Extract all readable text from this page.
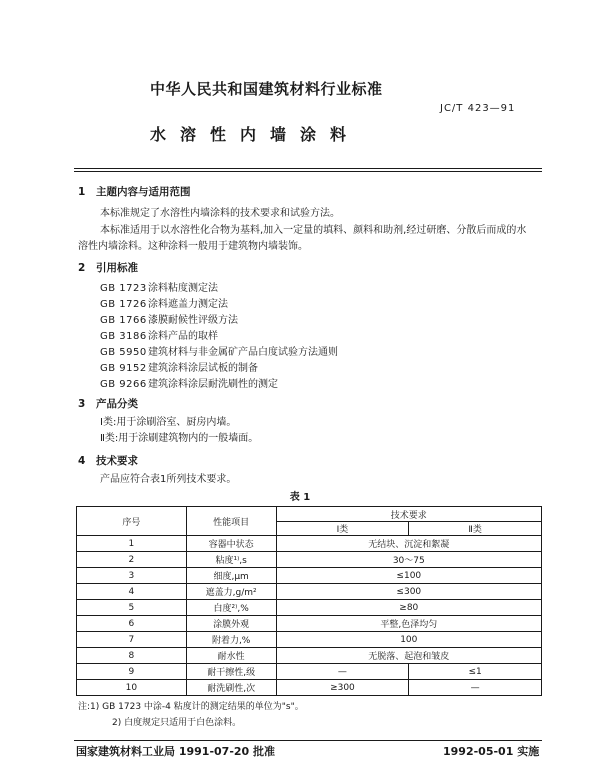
中华人民共和国建筑材料行业标准
JC/T 423—91
水溶性内墙涂料
1 主题内容与适用范围
本标准规定了水溶性内墙涂料的技术要求和试验方法。
本标准适用于以水溶性化合物为基料,加入一定量的填料、颜料和助剂,经过研磨、分散后而成的水
溶性内墙涂料。这种涂料一般用于建筑物内墙装饰。
2 引用标准
GB 1723涂料粘度测定法
GB 1726涂料遮盖力测定法
GB 1766漆膜耐候性评级方法
GB 3186涂料产品的取样
GB 5950建筑材料与非金属矿产品白度试验方法通则
GB 9152建筑涂料涂层试板的制备
GB 9266建筑涂料涂层耐洗刷性的测定
3 产品分类
Ⅰ类:用于涂刷浴室、厨房内墙。
Ⅱ类:用于涂刷建筑物内的一般墙面。
4 技术要求
产品应符合表1所列技术要求。
表 1
序号	性能项目	技术要求	
		Ⅰ类	Ⅱ类
1	容器中状态	无结块、沉淀和絮凝	
2	粘度¹⁾,s	30～75	
3	细度,μm	≤100	
4	遮盖力,g/m²	≤300	
5	白度²⁾,%	≥80	
6	涂膜外观	平整,色泽均匀	
7	附着力,%	100	
8	耐水性	无脱落、起泡和皱皮	
9	耐干擦性,级	—	≤1
10	耐洗刷性,次	≥300	—
注:1) GB 1723 中涂-4 粘度计的测定结果的单位为"s"。
2) 白度规定只适用于白色涂料。
国家建筑材料工业局 1991-07-20 批准	1992-05-01 实施
